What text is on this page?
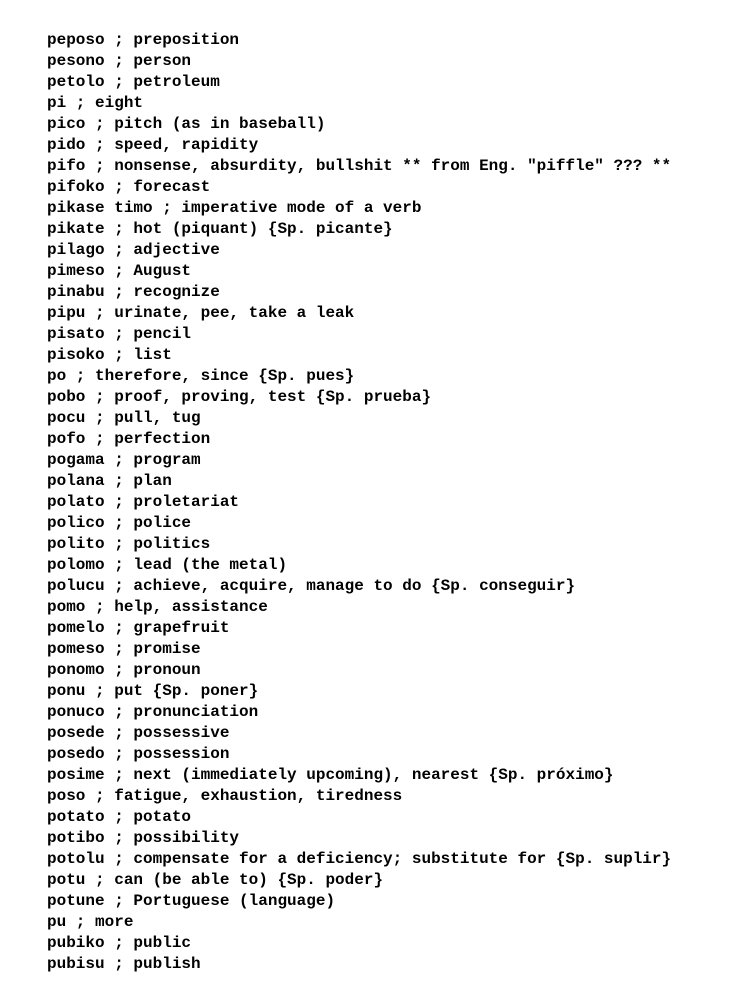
peposo ; preposition
pesono ; person
petolo ; petroleum
pi ; eight
pico ; pitch (as in baseball)
pido ; speed, rapidity
pifo ; nonsense, absurdity, bullshit ** from Eng. "piffle" ??? **
pifoko ; forecast
pikase timo ; imperative mode of a verb
pikate ; hot (piquant) {Sp. picante}
pilago ; adjective
pimeso ; August
pinabu ; recognize
pipu ; urinate, pee, take a leak
pisato ; pencil
pisoko ; list
po ; therefore, since {Sp. pues}
pobo ; proof, proving, test {Sp. prueba}
pocu ; pull, tug
pofo ; perfection
pogama ; program
polana ; plan
polato ; proletariat
polico ; police
polito ; politics
polomo ; lead (the metal)
polucu ; achieve, acquire, manage to do {Sp. conseguir}
pomo ; help, assistance
pomelo ; grapefruit
pomeso ; promise
ponomo ; pronoun
ponu ; put {Sp. poner}
ponuco ; pronunciation
posede ; possessive
posedo ; possession
posime ; next (immediately upcoming), nearest {Sp. próximo}
poso ; fatigue, exhaustion, tiredness
potato ; potato
potibo ; possibility
potolu ; compensate for a deficiency; substitute for {Sp. suplir}
potu ; can (be able to) {Sp. poder}
potune ; Portuguese (language)
pu ; more
pubiko ; public
pubisu ; publish
